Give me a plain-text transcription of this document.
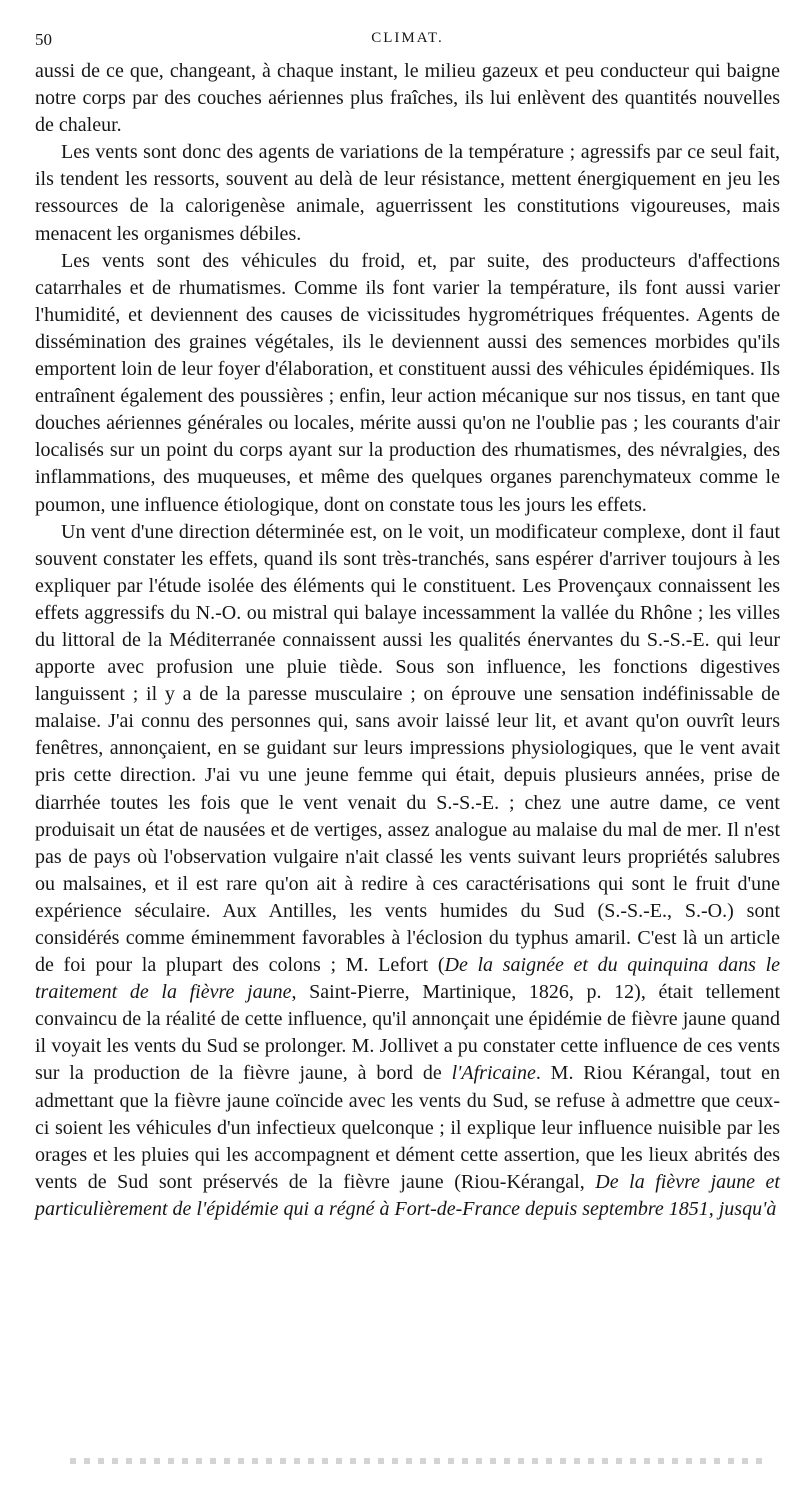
50	CLIMAT.

aussi de ce que, changeant, à chaque instant, le milieu gazeux et peu conducteur qui baigne notre corps par des couches aériennes plus fraîches, ils lui enlèvent des quantités nouvelles de chaleur.

Les vents sont donc des agents de variations de la température ; agressifs par ce seul fait, ils tendent les ressorts, souvent au delà de leur résistance, mettent énergiquement en jeu les ressources de la calorigenèse animale, aguerrissent les constitutions vigoureuses, mais menacent les organismes débiles.

Les vents sont des véhicules du froid, et, par suite, des producteurs d'affections catarrhales et de rhumatismes. Comme ils font varier la température, ils font aussi varier l'humidité, et deviennent des causes de vicissitudes hygrométriques fréquentes. Agents de dissémination des graines végétales, ils le deviennent aussi des semences morbides qu'ils emportent loin de leur foyer d'élaboration, et constituent aussi des véhicules épidémiques. Ils entraînent également des poussières ; enfin, leur action mécanique sur nos tissus, en tant que douches aériennes générales ou locales, mérite aussi qu'on ne l'oublie pas ; les courants d'air localisés sur un point du corps ayant sur la production des rhumatismes, des névralgies, des inflammations, des muqueuses, et même des quelques organes parenchymateux comme le poumon, une influence étiologique, dont on constate tous les jours les effets.

Un vent d'une direction déterminée est, on le voit, un modificateur complexe, dont il faut souvent constater les effets, quand ils sont très-tranchés, sans espérer d'arriver toujours à les expliquer par l'étude isolée des éléments qui le constituent. Les Provençaux connaissent les effets aggressifs du N.-O. ou mistral qui balaye incessamment la vallée du Rhône ; les villes du littoral de la Méditerranée connaissent aussi les qualités énervantes du S.-S.-E. qui leur apporte avec profusion une pluie tiède. Sous son influence, les fonctions digestives languissent ; il y a de la paresse musculaire ; on éprouve une sensation indéfinissable de malaise. J'ai connu des personnes qui, sans avoir laissé leur lit, et avant qu'on ouvrît leurs fenêtres, annonçaient, en se guidant sur leurs impressions physiologiques, que le vent avait pris cette direction. J'ai vu une jeune femme qui était, depuis plusieurs années, prise de diarrhée toutes les fois que le vent venait du S.-S.-E. ; chez une autre dame, ce vent produisait un état de nausées et de vertiges, assez analogue au malaise du mal de mer. Il n'est pas de pays où l'observation vulgaire n'ait classé les vents suivant leurs propriétés salubres ou malsaines, et il est rare qu'on ait à redire à ces caractérisations qui sont le fruit d'une expérience séculaire. Aux Antilles, les vents humides du Sud (S.-S.-E., S.-O.) sont considérés comme éminemment favorables à l'éclosion du typhus amaril. C'est là un article de foi pour la plupart des colons ; M. Lefort (De la saignée et du quinquina dans le traitement de la fièvre jaune, Saint-Pierre, Martinique, 1826, p. 12), était tellement convaincu de la réalité de cette influence, qu'il annonçait une épidémie de fièvre jaune quand il voyait les vents du Sud se prolonger. M. Jollivet a pu constater cette influence de ces vents sur la production de la fièvre jaune, à bord de l'Africaine. M. Riou Kérangal, tout en admettant que la fièvre jaune coïncide avec les vents du Sud, se refuse à admettre que ceux-ci soient les véhicules d'un infectieux quelconque ; il explique leur influence nuisible par les orages et les pluies qui les accompagnent et dément cette assertion, que les lieux abrités des vents de Sud sont préservés de la fièvre jaune (Riou-Kérangal, De la fièvre jaune et particulièrement de l'épidémie qui a régné à Fort-de-France depuis septembre 1851, jusqu'à
